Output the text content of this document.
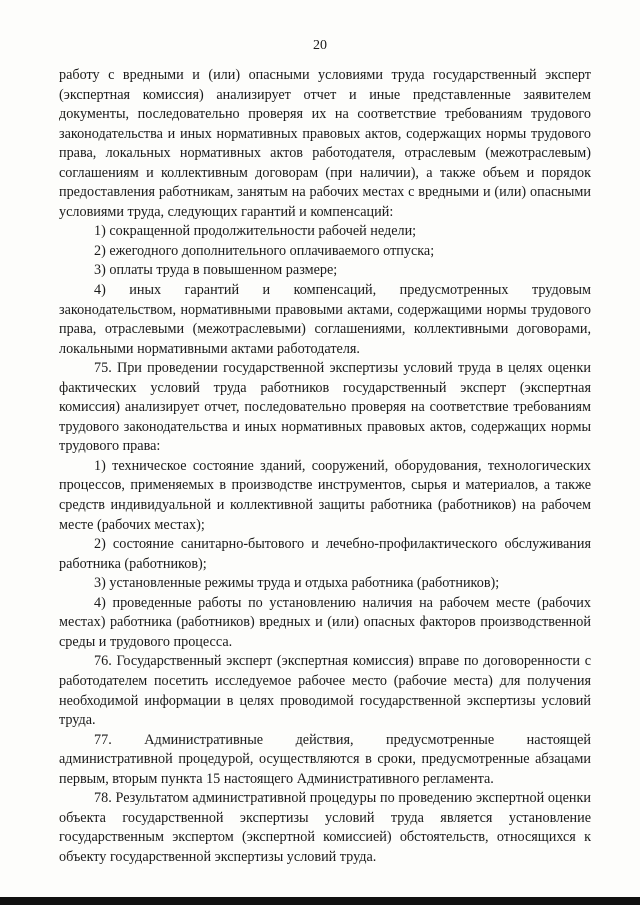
20

работу с вредными и (или) опасными условиями труда государственный эксперт (экспертная комиссия) анализирует отчет и иные представленные заявителем документы, последовательно проверяя их на соответствие требованиям трудового законодательства и иных нормативных правовых актов, содержащих нормы трудового права, локальных нормативных актов работодателя, отраслевым (межотраслевым) соглашениям и коллективным договорам (при наличии), а также объем и порядок предоставления работникам, занятым на рабочих местах с вредными и (или) опасными условиями труда, следующих гарантий и компенсаций:

1) сокращенной продолжительности рабочей недели;

2) ежегодного дополнительного оплачиваемого отпуска;

3) оплаты труда в повышенном размере;

4) иных гарантий и компенсаций, предусмотренных трудовым законодательством, нормативными правовыми актами, содержащими нормы трудового права, отраслевыми (межотраслевыми) соглашениями, коллективными договорами, локальными нормативными актами работодателя.

75. При проведении государственной экспертизы условий труда в целях оценки фактических условий труда работников государственный эксперт (экспертная комиссия) анализирует отчет, последовательно проверяя на соответствие требованиям трудового законодательства и иных нормативных правовых актов, содержащих нормы трудового права:

1) техническое состояние зданий, сооружений, оборудования, технологических процессов, применяемых в производстве инструментов, сырья и материалов, а также средств индивидуальной и коллективной защиты работника (работников) на рабочем месте (рабочих местах);

2) состояние санитарно-бытового и лечебно-профилактического обслуживания работника (работников);

3) установленные режимы труда и отдыха работника (работников);

4) проведенные работы по установлению наличия на рабочем месте (рабочих местах) работника (работников) вредных и (или) опасных факторов производственной среды и трудового процесса.

76. Государственный эксперт (экспертная комиссия) вправе по договоренности с работодателем посетить исследуемое рабочее место (рабочие места) для получения необходимой информации в целях проводимой государственной экспертизы условий труда.

77. Административные действия, предусмотренные настоящей административной процедурой, осуществляются в сроки, предусмотренные абзацами первым, вторым пункта 15 настоящего Административного регламента.

78. Результатом административной процедуры по проведению экспертной оценки объекта государственной экспертизы условий труда является установление государственным экспертом (экспертной комиссией) обстоятельств, относящихся к объекту государственной экспертизы условий труда.
